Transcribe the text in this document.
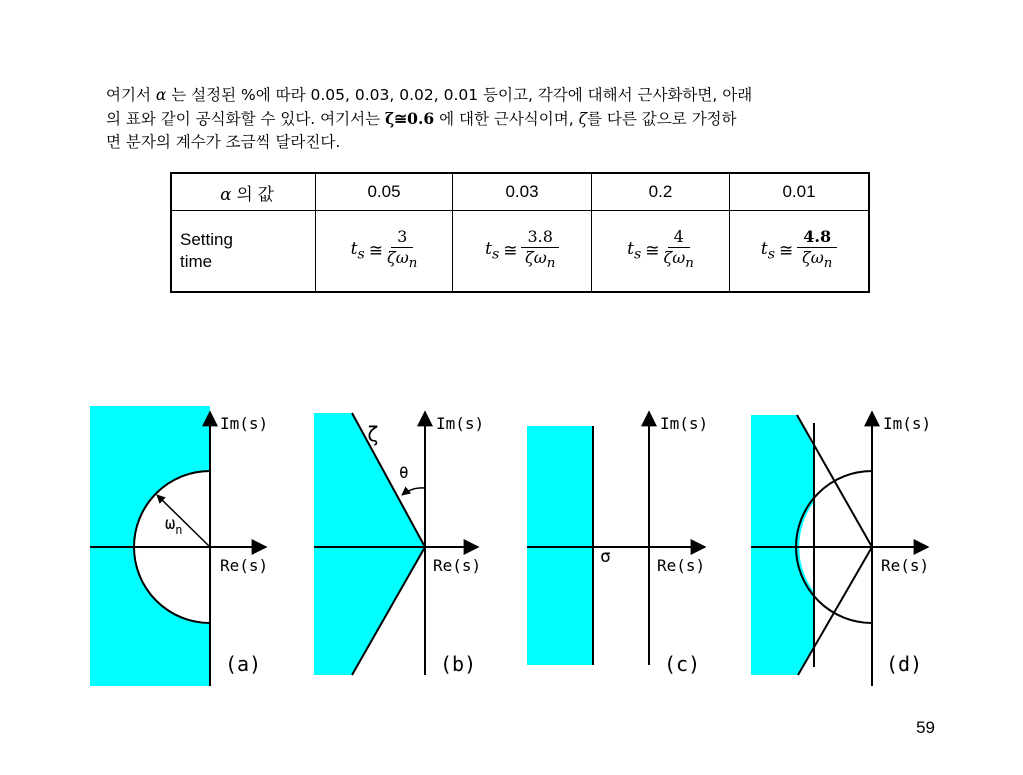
여기서 α 는 설정된 %에 따라 0.05, 0.03, 0.02, 0.01 등이고, 각각에 대해서 근사화하면, 아래
의 표와 같이 공식화할 수 있다. 여기서는 ζ≅0.6 에 대한 근사식이며, ζ를 다른 값으로 가정하
면 분자의 계수가 조금씩 달라진다.
α 의 값	0.05	0.03	0.2	0.01
Setting time	$t_s$ ≅ $\frac{3}{\zeta\omega_n}$	$t_s$ ≅ $\frac{3.8}{\zeta\omega_n}$	$t_s$ ≅ $\frac{4}{\zeta\omega_n}$	$t_s$ ≅ $\frac{4.8}{\zeta\omega_n}$
$\omega_n$
Im(s)
Re(s)
(a)
ζ
θ
Im(s)
Re(s)
(b)
σ
Im(s)
Re(s)
(c)
Im(s)
Re(s)
(d)
59
